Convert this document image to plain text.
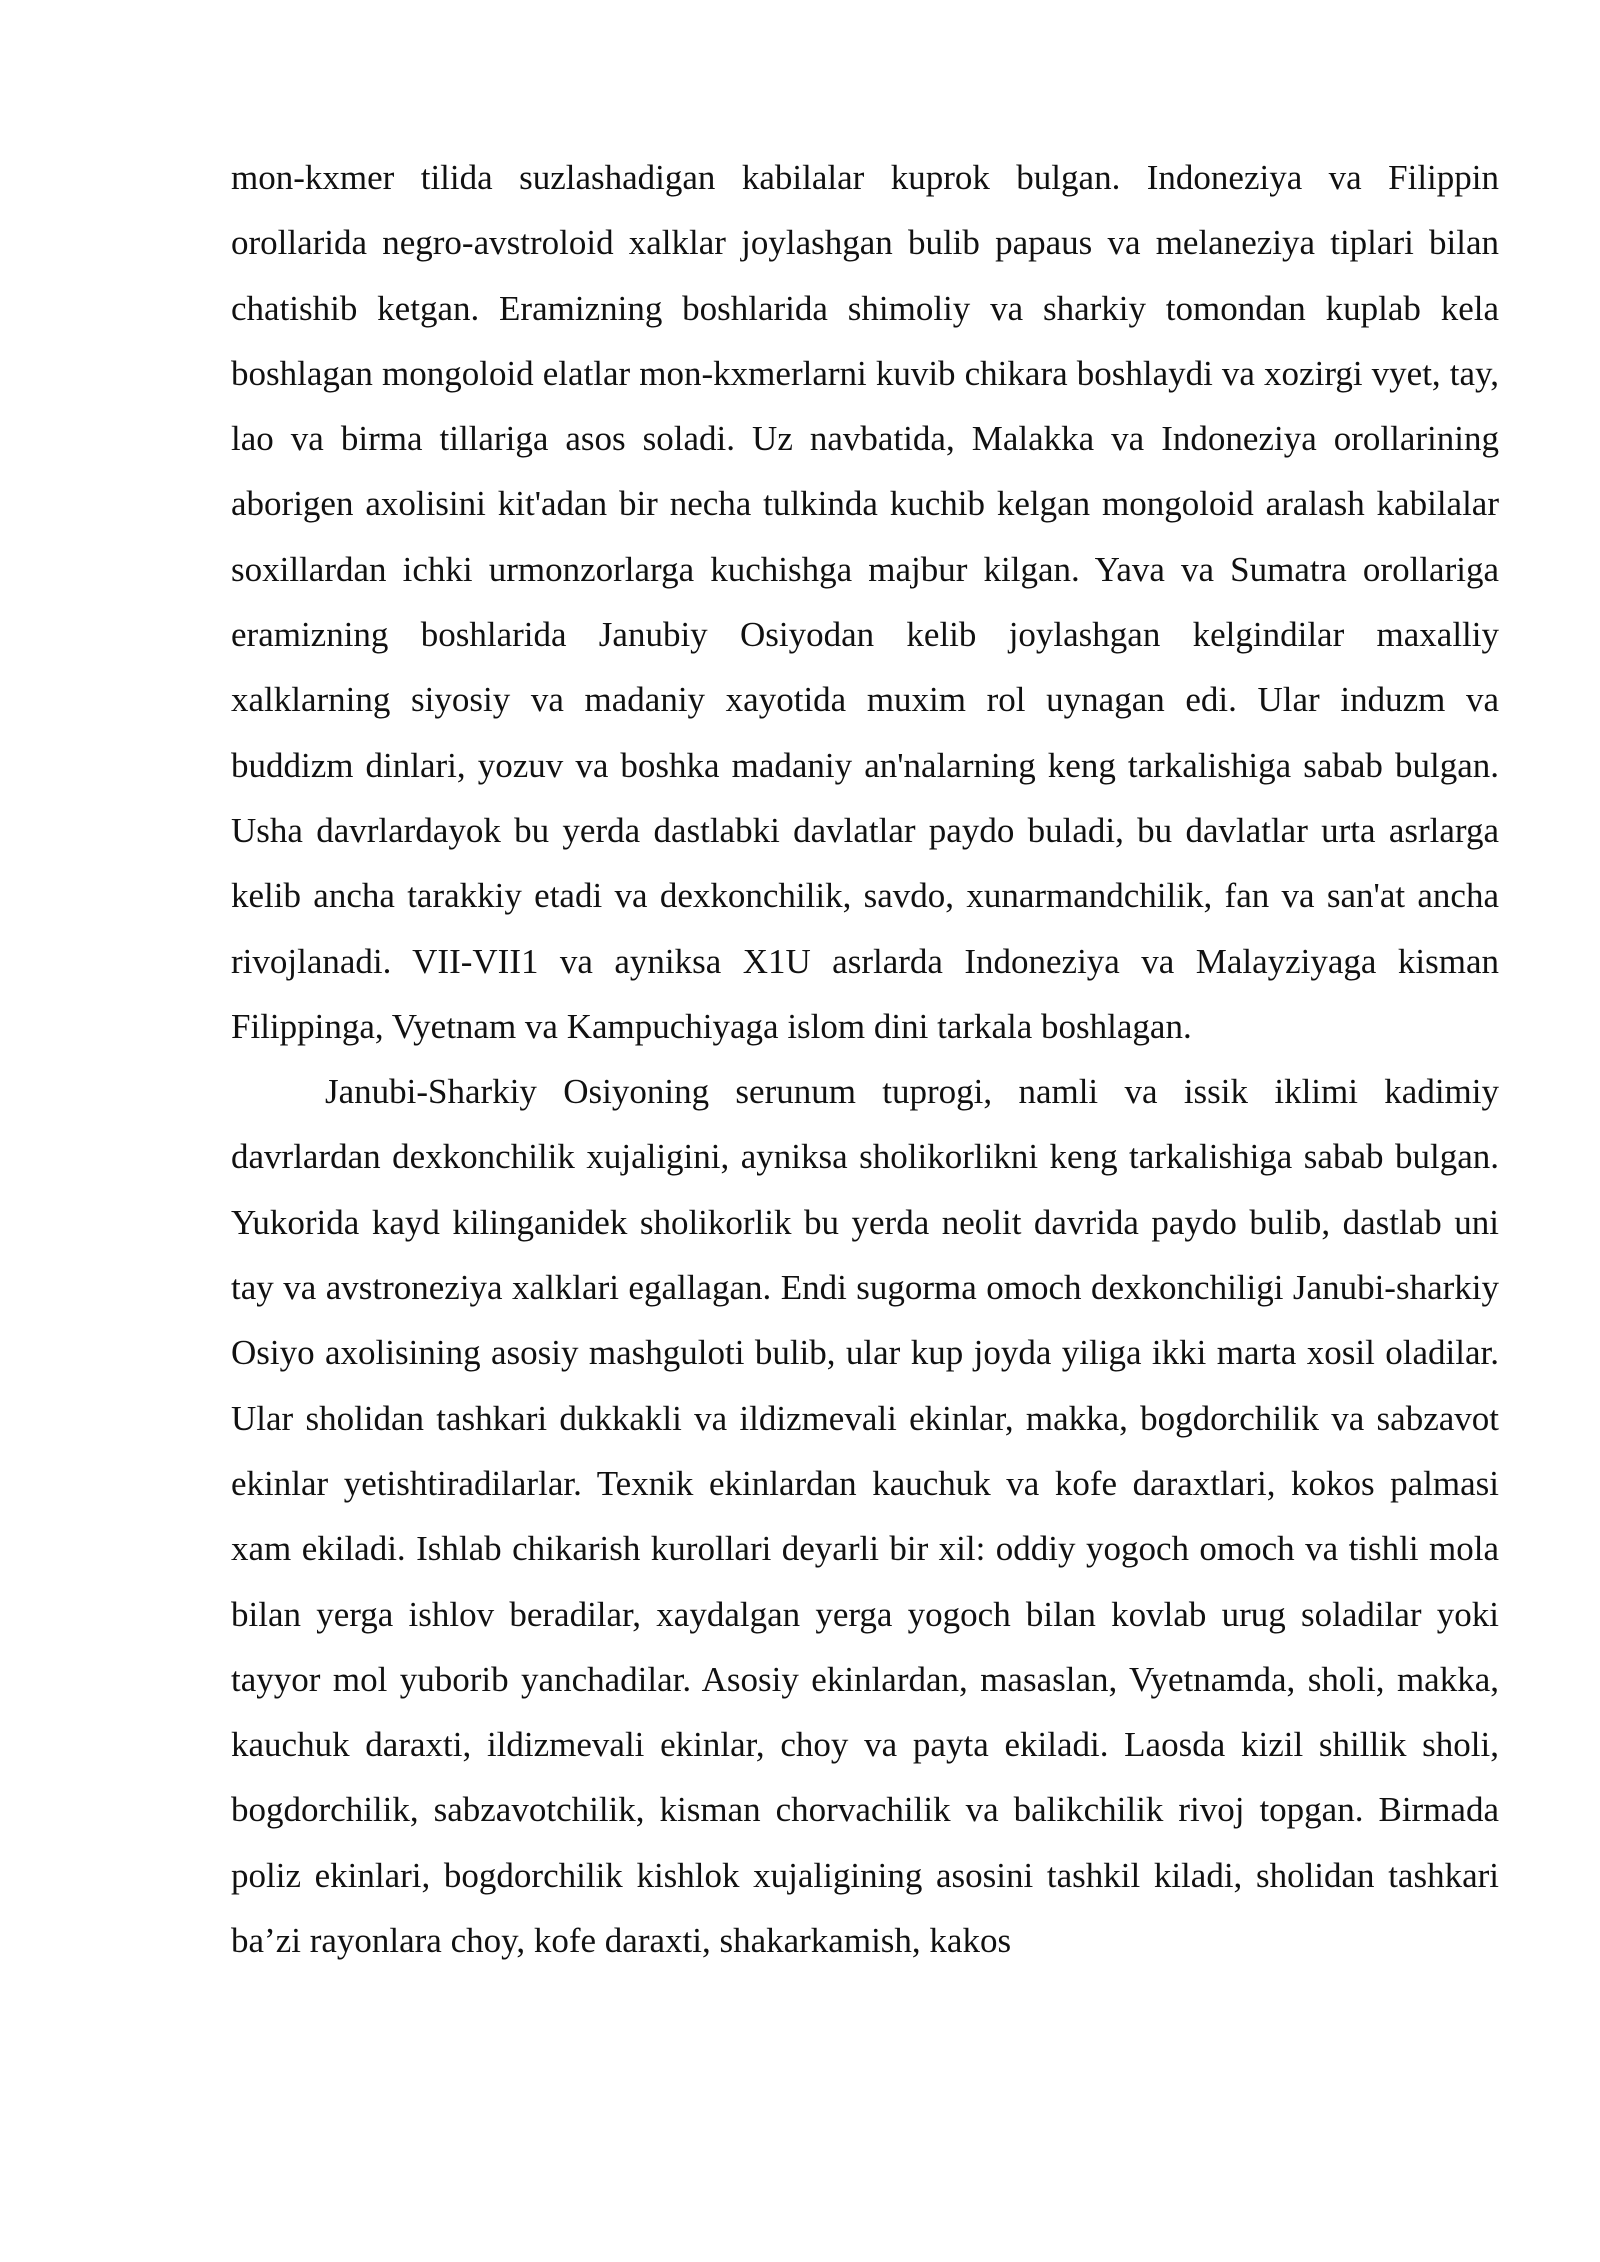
mon-kxmer tilida suzlashadigan kabilalar kuprok bulgan. Indoneziya va Filippin orollarida negro-avstroloid xalklar joylashgan bulib papaus va melaneziya tiplari bilan chatishib ketgan. Eramizning boshlarida shimoliy va sharkiy tomondan kuplab kela boshlagan mongoloid elatlar mon-kxmerlarni kuvib chikara boshlaydi va xozirgi vyet, tay, lao va birma tillariga asos soladi. Uz navbatida, Malakka va Indoneziya orollarining aborigen axolisini kit'adan bir necha tulkinda kuchib kelgan mongoloid aralash kabilalar soxillardan ichki urmonzorlarga kuchishga majbur kilgan. Yava va Sumatra orollariga eramizning boshlarida Janubiy Osiyodan kelib joylashgan kelgindilar maxalliy xalklarning siyosiy va madaniy xayotida muxim rol uynagan edi. Ular induzm va buddizm dinlari, yozuv va boshka madaniy an'nalarning keng tarkalishiga sabab bulgan. Usha davrlardayok bu yerda dastlabki davlatlar paydo buladi, bu davlatlar urta asrlarga kelib ancha tarakkiy etadi va dexkonchilik, savdo, xunarmandchilik, fan va san'at ancha rivojlanadi. VII-VII1 va ayniksa X1U asrlarda Indoneziya va Malayziyaga kisman Filippinga, Vyetnam va Kampuchiyaga islom dini tarkala boshlagan.

Janubi-Sharkiy Osiyoning serunum tuprogi, namli va issik iklimi kadimiy davrlardan dexkonchilik xujaligini, ayniksa sholikorlikni keng tarkalishiga sabab bulgan. Yukorida kayd kilinganidek sholikorlik bu yerda neolit davrida paydo bulib, dastlab uni tay va avstroneziya xalklari egallagan. Endi sugorma omoch dexkonchiligi Janubi-sharkiy Osiyo axolisining asosiy mashguloti bulib, ular kup joyda yiliga ikki marta xosil oladilar. Ular sholidan tashkari dukkakli va ildizmevali ekinlar, makka, bogdorchilik va sabzavot ekinlar yetishtiradilarlar. Texnik ekinlardan kauchuk va kofe daraxtlari, kokos palmasi xam ekiladi. Ishlab chikarish kurollari deyarli bir xil: oddiy yogoch omoch va tishli mola bilan yerga ishlov beradilar, xaydalgan yerga yogoch bilan kovlab urug soladilar yoki tayyor mol yuborib yanchadilar. Asosiy ekinlardan, masaslan, Vyetnamda, sholi, makka, kauchuk daraxti, ildizmevali ekinlar, choy va payta ekiladi. Laosda kizil shillik sholi, bogdorchilik, sabzavotchilik, kisman chorvachilik va balikchilik rivoj topgan. Birmada poliz ekinlari, bogdorchilik kishlok xujaligining asosini tashkil kiladi, sholidan tashkari ba’zi rayonlara choy, kofe daraxti, shakarkamish, kakos
